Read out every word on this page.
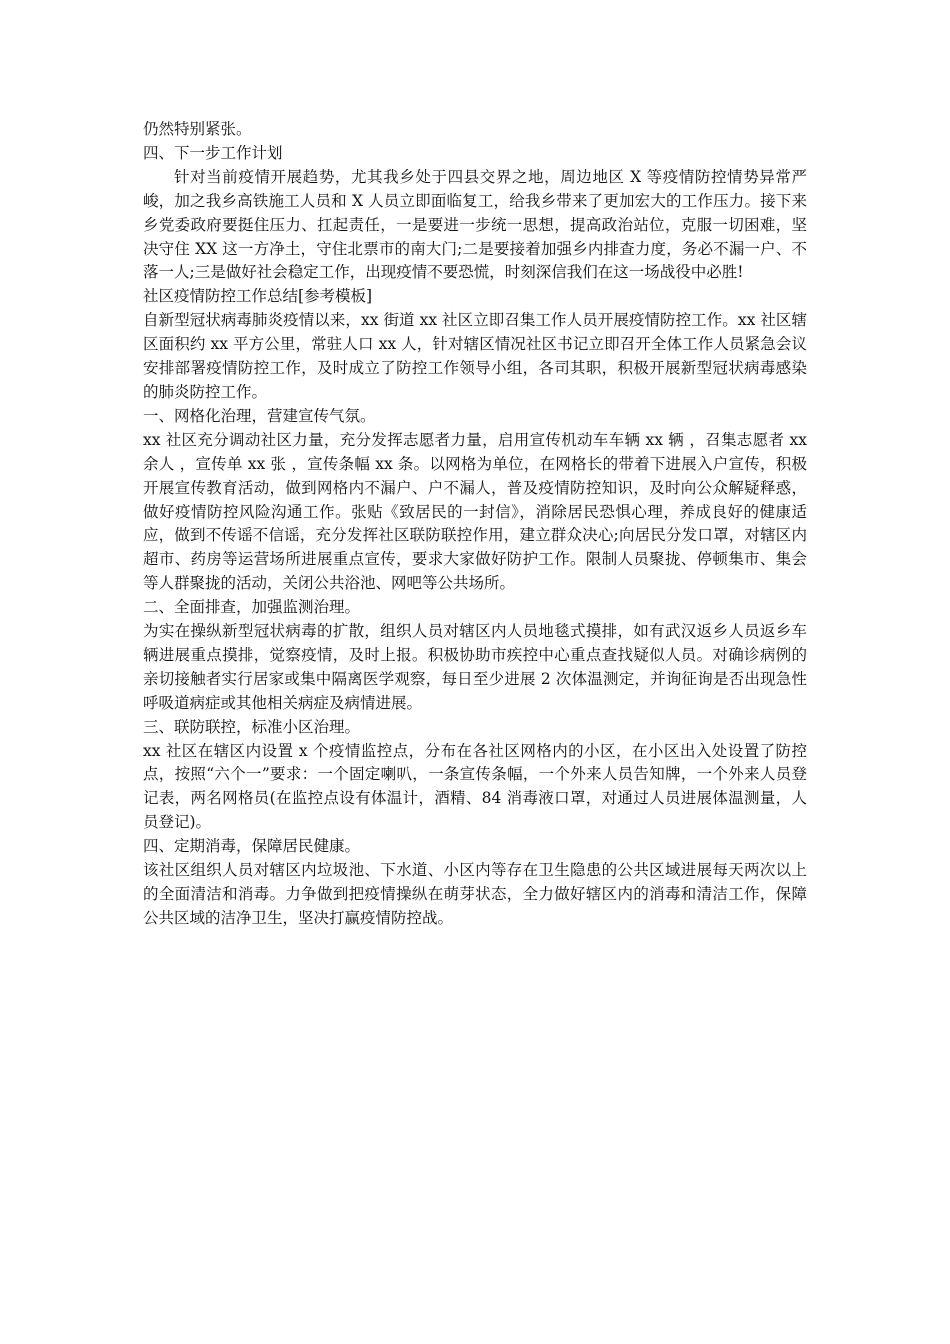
仍然特别紧张。

四、下一步工作计划

针对当前疫情开展趋势，尤其我乡处于四县交界之地，周边地区 X 等疫情防控情势异常严峻，加之我乡高铁施工人员和 X 人员立即面临复工，给我乡带来了更加宏大的工作压力。接下来乡党委政府要挺住压力、扛起责任，一是要进一步统一思想，提高政治站位，克服一切困难，坚决守住 XX 这一方净土，守住北票市的南大门;二是要接着加强乡内排查力度，务必不漏一户、不落一人;三是做好社会稳定工作，出现疫情不要恐慌，时刻深信我们在这一场战役中必胜!

社区疫情防控工作总结[参考模板]

自新型冠状病毒肺炎疫情以来，xx 街道 xx 社区立即召集工作人员开展疫情防控工作。xx 社区辖区面积约 xx 平方公里，常驻人口 xx 人，针对辖区情况社区书记立即召开全体工作人员紧急会议安排部署疫情防控工作，及时成立了防控工作领导小组，各司其职，积极开展新型冠状病毒感染的肺炎防控工作。

一、网格化治理，营建宣传气氛。

xx 社区充分调动社区力量，充分发挥志愿者力量，启用宣传机动车车辆 xx 辆 ，召集志愿者 xx 余人 ，宣传单 xx 张 ，宣传条幅 xx 条。以网格为单位，在网格长的带着下进展入户宣传，积极开展宣传教育活动，做到网格内不漏户、户不漏人，普及疫情防控知识，及时向公众解疑释惑，做好疫情防控风险沟通工作。张贴《致居民的一封信》，消除居民恐惧心理，养成良好的健康适应，做到不传谣不信谣，充分发挥社区联防联控作用，建立群众决心;向居民分发口罩，对辖区内超市、药房等运营场所进展重点宣传，要求大家做好防护工作。限制人员聚拢、停顿集市、集会等人群聚拢的活动，关闭公共浴池、网吧等公共场所。

二、全面排查，加强监测治理。

为实在操纵新型冠状病毒的扩散，组织人员对辖区内人员地毯式摸排，如有武汉返乡人员返乡车辆进展重点摸排，觉察疫情，及时上报。积极协助市疾控中心重点查找疑似人员。对确诊病例的亲切接触者实行居家或集中隔离医学观察，每日至少进展 2 次体温测定，并询征询是否出现急性呼吸道病症或其他相关病症及病情进展。

三、联防联控，标准小区治理。

xx 社区在辖区内设置 x 个疫情监控点，分布在各社区网格内的小区，在小区出入处设置了防控点，按照“六个一”要求：一个固定喇叭，一条宣传条幅，一个外来人员告知牌，一个外来人员登记表，两名网格员(在监控点设有体温计，酒精、84 消毒液口罩，对通过人员进展体温测量，人员登记)。

四、定期消毒，保障居民健康。

该社区组织人员对辖区内垃圾池、下水道、小区内等存在卫生隐患的公共区域进展每天两次以上的全面清洁和消毒。力争做到把疫情操纵在萌芽状态，全力做好辖区内的消毒和清洁工作，保障公共区域的洁净卫生，坚决打赢疫情防控战。
